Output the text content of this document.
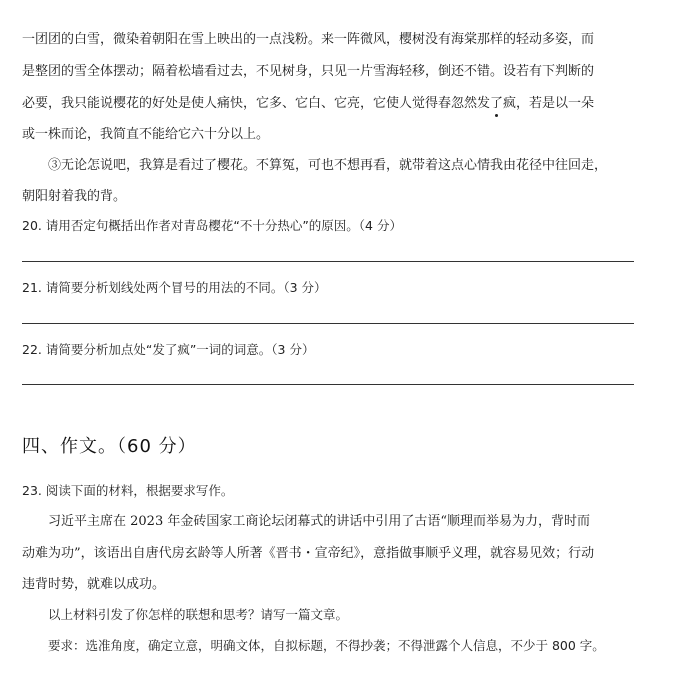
一团团的白雪，微染着朝阳在雪上映出的一点浅粉。来一阵微风，樱树没有海棠那样的轻动多姿，而
是整团的雪全体摆动；隔着松墙看过去，不见树身，只见一片雪海轻移，倒还不错。设若有下判断的
必要，我只能说樱花的好处是使人痛快，它多、它白、它亮，它使人觉得春忽然发了疯，若是以一朵
或一株而论，我简直不能给它六十分以上。
③无论怎说吧，我算是看过了樱花。不算冤，可也不想再看，就带着这点心情我由花径中往回走，
朝阳射着我的背。
20. 请用否定句概括出作者对青岛樱花“不十分热心”的原因。（4 分）
21. 请简要分析划线处两个冒号的用法的不同。（3 分）
22. 请简要分析加点处“发了疯”一词的词意。（3 分）
四、作文。（60 分）
23. 阅读下面的材料，根据要求写作。
习近平主席在 2023 年金砖国家工商论坛闭幕式的讲话中引用了古语“顺理而举易为力，背时而
动难为功”，该语出自唐代房玄龄等人所著《晋书・宣帝纪》，意指做事顺乎义理，就容易见效；行动
违背时势，就难以成功。
以上材料引发了你怎样的联想和思考？请写一篇文章。
要求：选准角度，确定立意，明确文体，自拟标题，不得抄袭；不得泄露个人信息，不少于 800 字。
